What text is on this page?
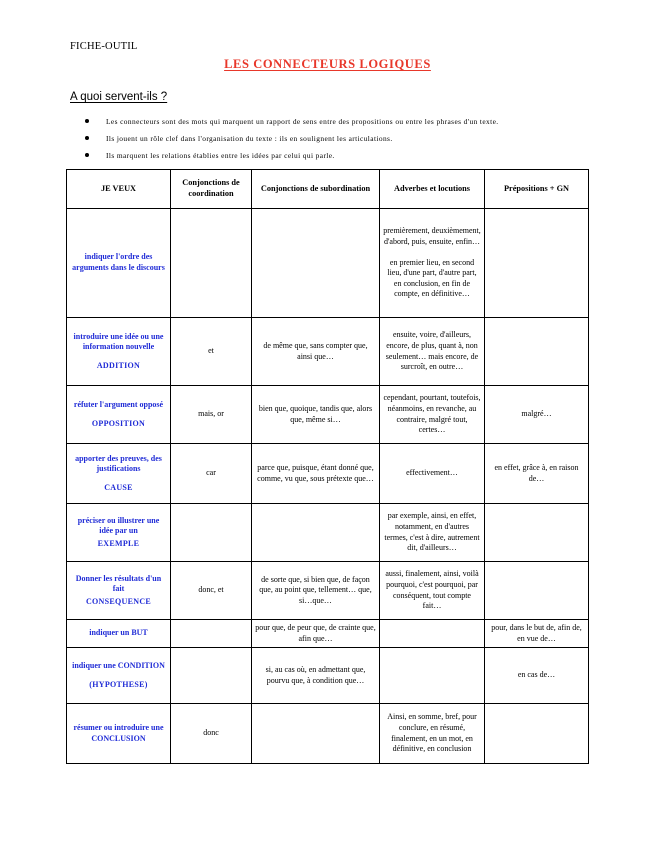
FICHE-OUTIL
LES CONNECTEURS LOGIQUES
A quoi servent-ils ?
Les connecteurs sont des mots qui marquent un rapport de sens entre des propositions ou entre les phrases d'un texte.
Ils jouent un rôle clef dans l'organisation du texte : ils en soulignent les articulations.
Ils marquent les relations établies entre les idées par celui qui parle.
JE VEUX	Conjonctions de coordination	Conjonctions de subordination	Adverbes et locutions	Prépositions + GN
indiquer l'ordre des arguments dans le discours			premièrement, deuxièmement, d'abord, puis, ensuite, enfin…

en premier lieu, en second lieu, d'une part, d'autre part, en conclusion, en fin de compte, en définitive…	
introduire une idée ou une information nouvelle
ADDITION	et	de même que, sans compter que, ainsi que…	ensuite, voire, d'ailleurs, encore, de plus, quant à, non seulement… mais encore, de surcroît, en outre…	
réfuter l'argument opposé
OPPOSITION	mais, or	bien que, quoique, tandis que, alors que, même si…	cependant, pourtant, toutefois, néanmoins, en revanche, au contraire, malgré tout, certes…	malgré…
apporter des preuves, des justifications
CAUSE	car	parce que, puisque, étant donné que, comme, vu que, sous prétexte que…	effectivement…	en effet, grâce à, en raison de…
préciser ou illustrer une idée par un
EXEMPLE			par exemple, ainsi, en effet, notamment, en d'autres termes, c'est à dire, autrement dit, d'ailleurs…	
Donner les résultats d'un fait
CONSEQUENCE	donc, et	de sorte que, si bien que, de façon que, au point que, tellement… que, si…que…	aussi, finalement, ainsi, voilà pourquoi, c'est pourquoi, par conséquent, tout compte fait…	
indiquer un BUT		pour que, de peur que, de crainte que, afin que…		pour, dans le but de, afin de, en vue de…
indiquer une CONDITION
(HYPOTHESE)		si, au cas où, en admettant que, pourvu que, à condition que…		en cas de…
résumer ou introduire une CONCLUSION	donc		Ainsi, en somme, bref, pour conclure, en résumé, finalement, en un mot, en définitive, en conclusion	
